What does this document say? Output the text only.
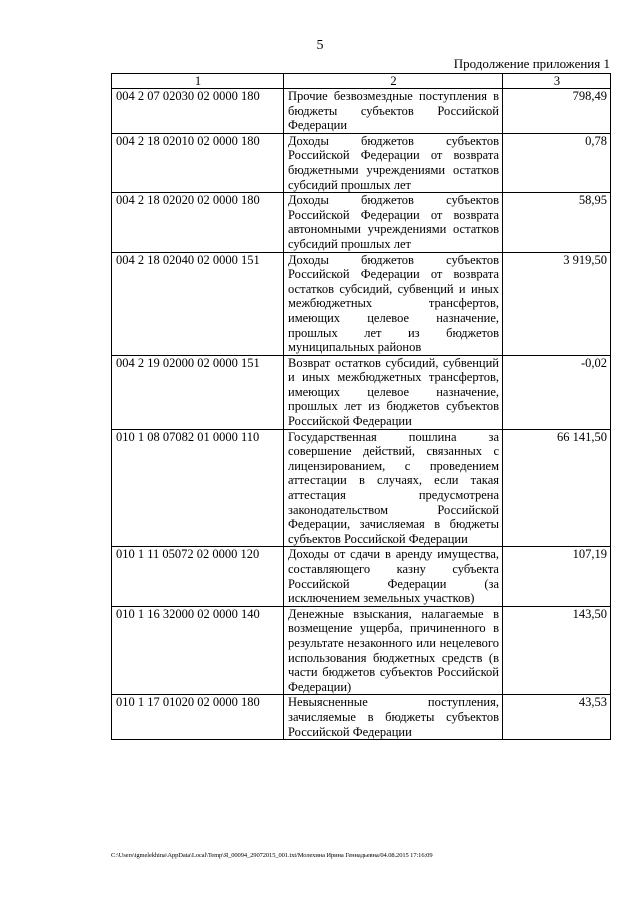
5
Продолжение приложения 1
1	2	3
004 2 07 02030 02 0000 180	Прочие безвозмездные поступления в бюджеты субъектов Российской Федерации	798,49
004 2 18 02010 02 0000 180	Доходы бюджетов субъектов Российской Федерации от возврата бюджетными учреждениями остатков субсидий прошлых лет	0,78
004 2 18 02020 02 0000 180	Доходы бюджетов субъектов Российской Федерации от возврата автономными учреждениями остатков субсидий прошлых лет	58,95
004 2 18 02040 02 0000 151	Доходы бюджетов субъектов Российской Федерации от возврата остатков субсидий, субвенций и иных межбюджетных трансфертов, имеющих целевое назначение, прошлых лет из бюджетов муниципальных районов	3 919,50
004 2 19 02000 02 0000 151	Возврат остатков субсидий, субвенций и иных межбюджетных трансфертов, имеющих целевое назначение, прошлых лет из бюджетов субъектов Российской Федерации	-0,02
010 1 08 07082 01 0000 110	Государственная пошлина за совершение действий, связанных с лицензированием, с проведением аттестации в случаях, если такая аттестация предусмотрена законодательством Российской Федерации, зачисляемая в бюджеты субъектов Российской Федерации	66 141,50
010 1 11 05072 02 0000 120	Доходы от сдачи в аренду имущества, составляющего казну субъекта Российской Федерации (за исключением земельных участков)	107,19
010 1 16 32000 02 0000 140	Денежные взыскания, налагаемые в возмещение ущерба, причиненного в результате незаконного или нецелевого использования бюджетных средств (в части бюджетов субъектов Российской Федерации)	143,50
010 1 17 01020 02 0000 180	Невыясненные поступления, зачисляемые в бюджеты субъектов Российской Федерации	43,53
C:\Users\igmelekhina\AppData\Local\Temp\Я_00094_29072015_001.txt/Молехина Ирина Геннадьевна/04.08.2015 17:16:09
